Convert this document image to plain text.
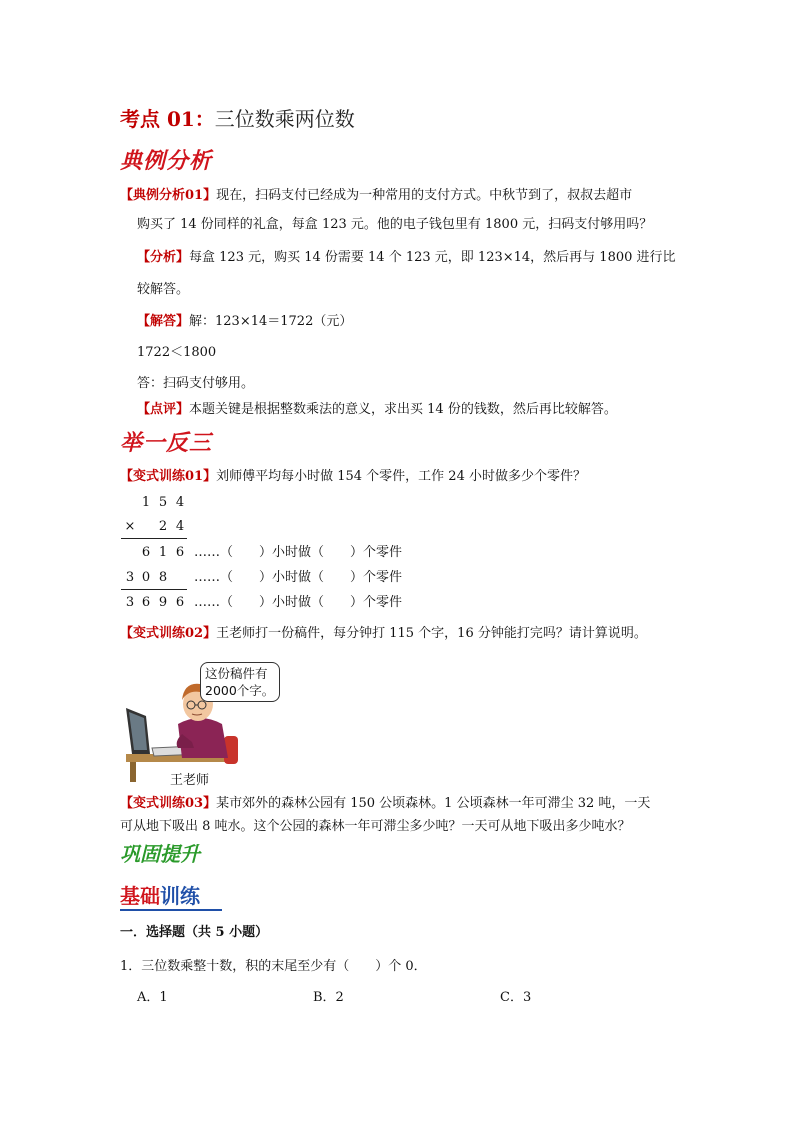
考点 01：三位数乘两位数
典例分析
【典例分析01】现在，扫码支付已经成为一种常用的支付方式。中秋节到了，叔叔去超市
购买了 14 份同样的礼盒，每盒 123 元。他的电子钱包里有 1800 元，扫码支付够用吗？
【分析】每盒 123 元，购买 14 份需要 14 个 123 元，即 123×14，然后再与 1800 进行比
较解答。
【解答】解：123×14＝1722（元）
1722＜1800
答：扫码支付够用。
【点评】本题关键是根据整数乘法的意义，求出买 14 份的钱数，然后再比较解答。
举一反三
【变式训练01】刘师傅平均每小时做 154 个零件，工作 24 小时做多少个零件？
1 5 4
× 2 4
6 1 6 ……（　　）小时做（　　）个零件
3 0 8 ……（　　）小时做（　　）个零件
3 6 9 6 ……（　　）小时做（　　）个零件
【变式训练02】王老师打一份稿件，每分钟打 115 个字，16 分钟能打完吗？请计算说明。
这份稿件有
2000个字。
王老师
【变式训练03】某市郊外的森林公园有 150 公顷森林。1 公顷森林一年可滞尘 32 吨，一天
可从地下吸出 8 吨水。这个公园的森林一年可滞尘多少吨？一天可从地下吸出多少吨水？
巩固提升
基础训练
一．选择题（共 5 小题）
1．三位数乘整十数，积的末尾至少有（　　）个 0．
A．1	B．2	C．3
